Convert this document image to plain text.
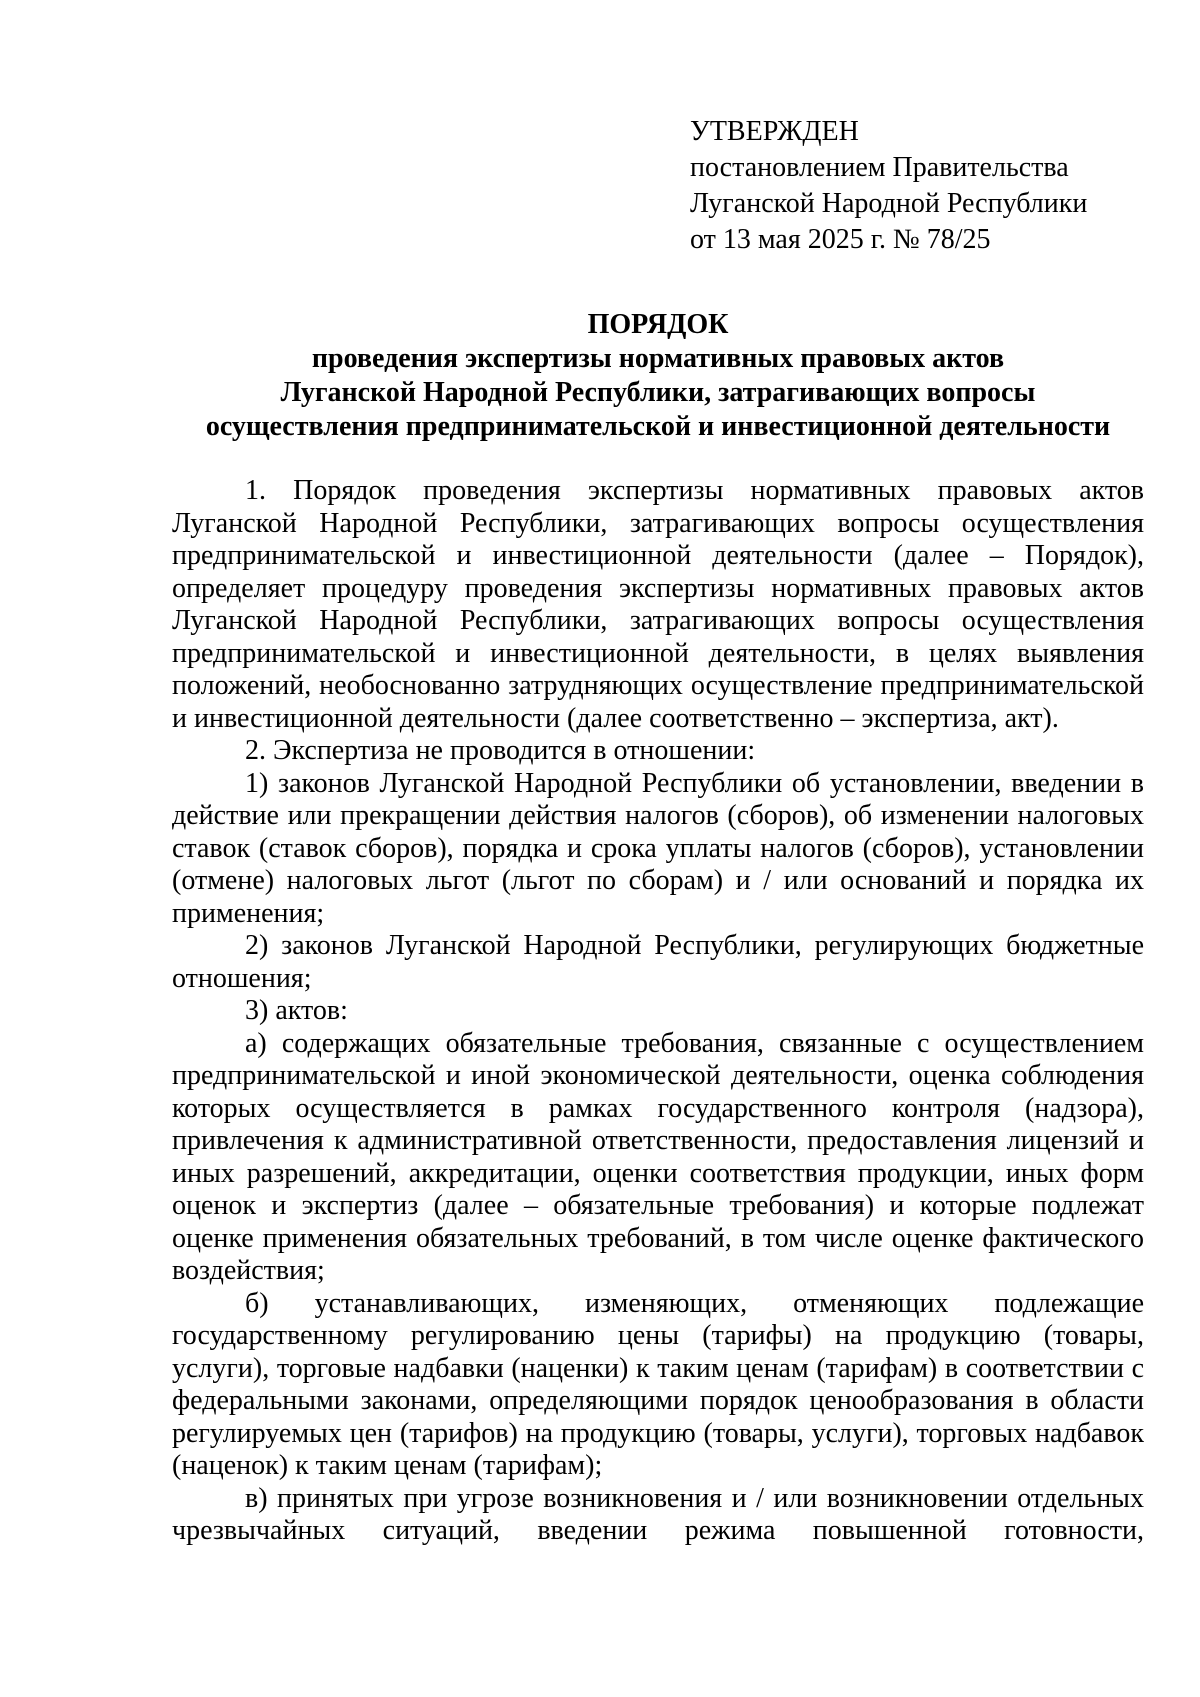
УТВЕРЖДЕН
постановлением Правительства
Луганской Народной Республики
от 13 мая 2025 г. № 78/25
ПОРЯДОК
проведения экспертизы нормативных правовых актов
Луганской Народной Республики, затрагивающих вопросы
осуществления предпринимательской и инвестиционной деятельности

1. Порядок проведения экспертизы нормативных правовых актов Луганской Народной Республики, затрагивающих вопросы осуществления предпринимательской и инвестиционной деятельности (далее – Порядок), определяет процедуру проведения экспертизы нормативных правовых актов Луганской Народной Республики, затрагивающих вопросы осуществления предпринимательской и инвестиционной деятельности, в целях выявления положений, необоснованно затрудняющих осуществление предпринимательской и инвестиционной деятельности (далее соответственно – экспертиза, акт).

2. Экспертиза не проводится в отношении:

1) законов Луганской Народной Республики об установлении, введении в действие или прекращении действия налогов (сборов), об изменении налоговых ставок (ставок сборов), порядка и срока уплаты налогов (сборов), установлении (отмене) налоговых льгот (льгот по сборам) и / или оснований и порядка их применения;

2) законов Луганской Народной Республики, регулирующих бюджетные отношения;

3) актов:

а) содержащих обязательные требования, связанные с осуществлением предпринимательской и иной экономической деятельности, оценка соблюдения которых осуществляется в рамках государственного контроля (надзора), привлечения к административной ответственности, предоставления лицензий и иных разрешений, аккредитации, оценки соответствия продукции, иных форм оценок и экспертиз (далее – обязательные требования) и которые подлежат оценке применения обязательных требований, в том числе оценке фактического воздействия;

б) устанавливающих, изменяющих, отменяющих подлежащие государственному регулированию цены (тарифы) на продукцию (товары, услуги), торговые надбавки (наценки) к таким ценам (тарифам) в соответствии с федеральными законами, определяющими порядок ценообразования в области регулируемых цен (тарифов) на продукцию (товары, услуги), торговых надбавок (наценок) к таким ценам (тарифам);

в) принятых при угрозе возникновения и / или возникновении отдельных чрезвычайных ситуаций, введении режима повышенной готовности,
